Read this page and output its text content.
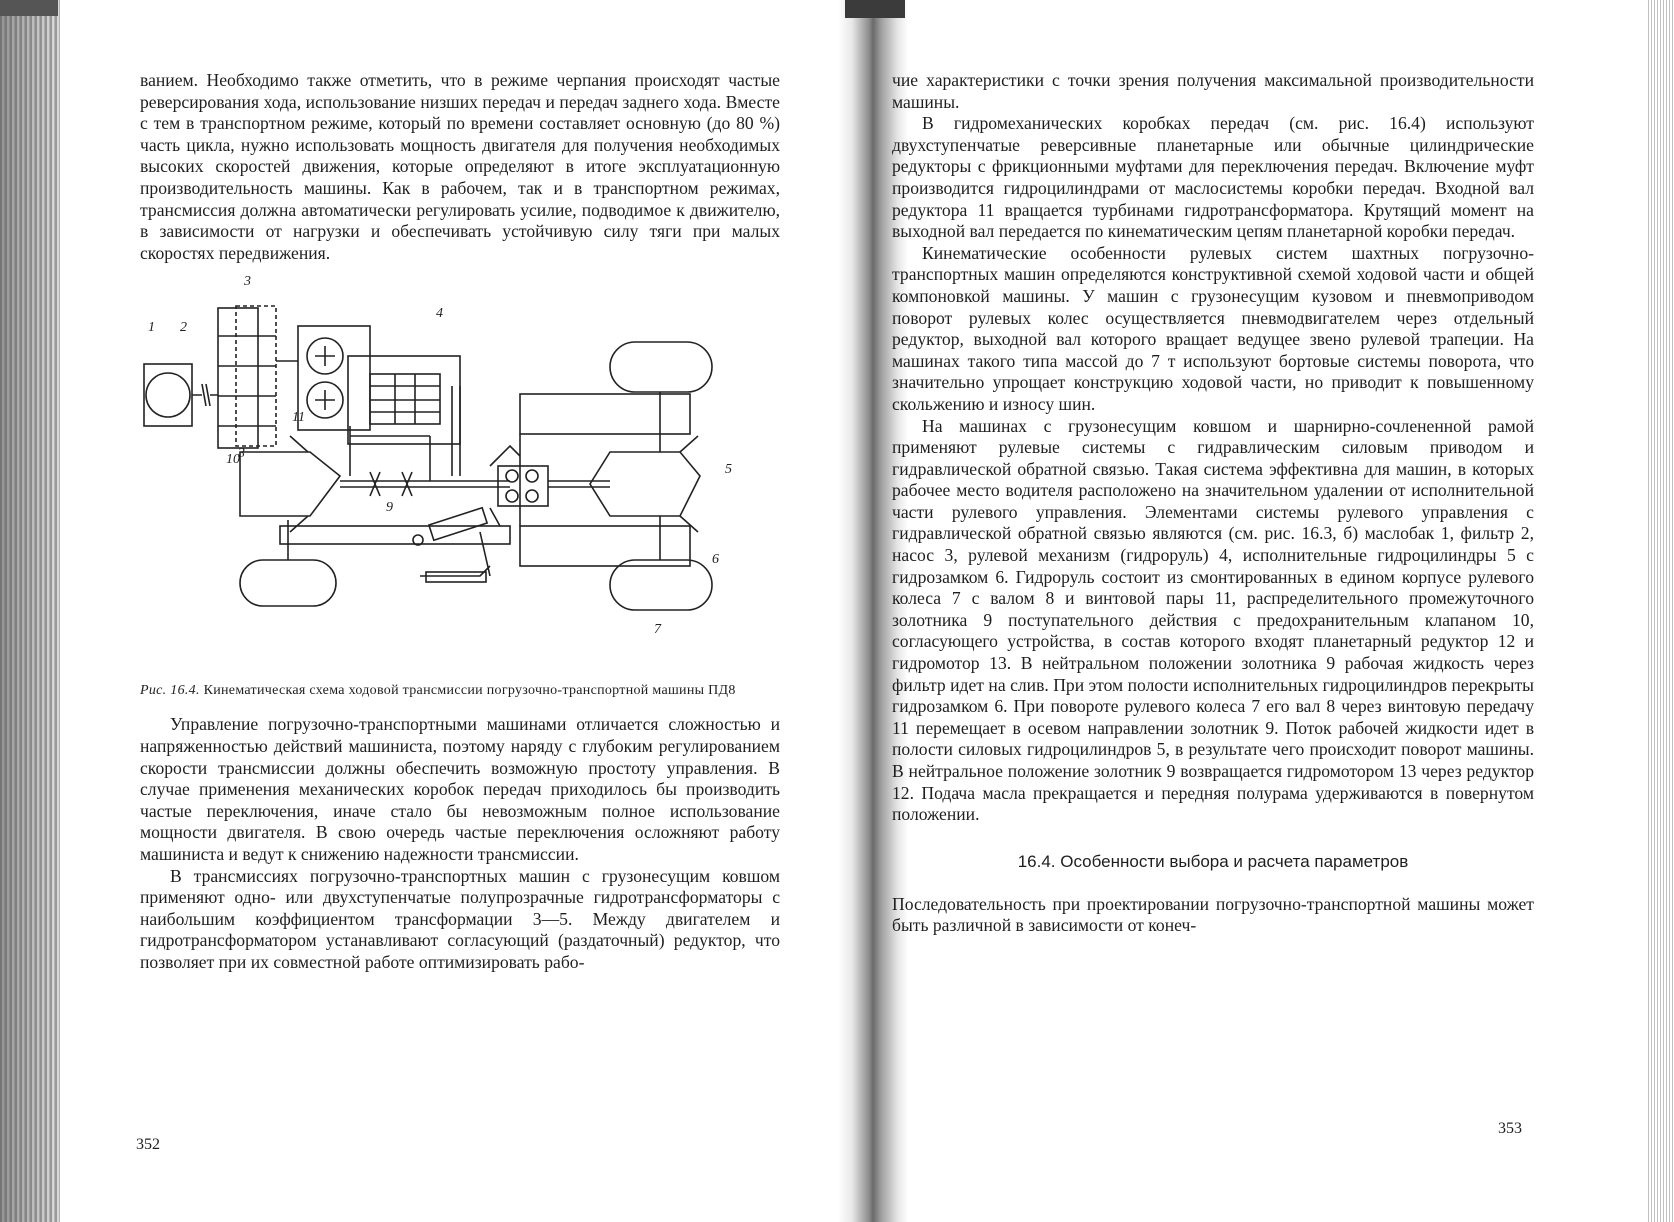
ванием. Необходимо также отметить, что в режиме черпания происходят частые реверсирования хода, использование низших передач и передач заднего хода. Вместе с тем в транспортном режиме, который по времени составляет основную (до 80 %) часть цикла, нужно использовать мощность двигателя для получения необходимых высоких скоростей движения, которые определяют в итоге эксплуатационную производительность машины. Как в рабочем, так и в транспортном режимах, трансмиссия должна автоматически регулировать усилие, подводимое к движителю, в зависимости от нагрузки и обеспечивать устойчивую силу тяги при малых скоростях передвижения.

1 2
3
3
4
5
6
7
9
10
11
Рис. 16.4. Кинематическая схема ходовой трансмиссии погрузочно-транспортной машины ПД8

Управление погрузочно-транспортными машинами отличается сложностью и напряженностью действий машиниста, поэтому наряду с глубоким регулированием скорости трансмиссии должны обеспечить возможную простоту управления. В случае применения механических коробок передач приходилось бы производить частые переключения, иначе стало бы невозможным полное использование мощности двигателя. В свою очередь частые переключения осложняют работу машиниста и ведут к снижению надежности трансмиссии.

В трансмиссиях погрузочно-транспортных машин с грузонесущим ковшом применяют одно- или двухступенчатые полупрозрачные гидротрансформаторы с наибольшим коэффициентом трансформации 3—5. Между двигателем и гидротрансформатором устанавливают согласующий (раздаточный) редуктор, что позволяет при их совместной работе оптимизировать рабо-

352

чие характеристики с точки зрения получения максимальной производительности машины.

В гидромеханических коробках передач (см. рис. 16.4) используют двухступенчатые реверсивные планетарные или обычные цилиндрические редукторы с фрикционными муфтами для переключения передач. Включение муфт производится гидроцилиндрами от маслосистемы коробки передач. Входной вал редуктора 11 вращается турбинами гидротрансформатора. Крутящий момент на выходной вал передается по кинематическим цепям планетарной коробки передач.

Кинематические особенности рулевых систем шахтных погрузочно-транспортных машин определяются конструктивной схемой ходовой части и общей компоновкой машины. У машин с грузонесущим кузовом и пневмоприводом поворот рулевых колес осуществляется пневмодвигателем через отдельный редуктор, выходной вал которого вращает ведущее звено рулевой трапеции. На машинах такого типа массой до 7 т используют бортовые системы поворота, что значительно упрощает конструкцию ходовой части, но приводит к повышенному скольжению и износу шин.

На машинах с грузонесущим ковшом и шарнирно-сочлененной рамой применяют рулевые системы с гидравлическим силовым приводом и гидравлической обратной связью. Такая система эффективна для машин, в которых рабочее место водителя расположено на значительном удалении от исполнительной части рулевого управления. Элементами системы рулевого управления с гидравлической обратной связью являются (см. рис. 16.3, б) маслобак 1, фильтр 2, насос 3, рулевой механизм (гидроруль) 4, исполнительные гидроцилиндры 5 с гидрозамком 6. Гидроруль состоит из смонтированных в едином корпусе рулевого колеса 7 с валом 8 и винтовой пары 11, распределительного промежуточного золотника 9 поступательного действия с предохранительным клапаном 10, согласующего устройства, в состав которого входят планетарный редуктор 12 и гидромотор 13. В нейтральном положении золотника 9 рабочая жидкость через фильтр идет на слив. При этом полости исполнительных гидроцилиндров перекрыты гидрозамком 6. При повороте рулевого колеса 7 его вал 8 через винтовую передачу 11 перемещает в осевом направлении золотник 9. Поток рабочей жидкости идет в полости силовых гидроцилиндров 5, в результате чего происходит поворот машины. В нейтральное положение золотник 9 возвращается гидромотором 13 через редуктор 12. Подача масла прекращается и передняя полурама удерживаются в повернутом положении.

16.4. Особенности выбора и расчета параметров

Последовательность при проектировании погрузочно-транспортной машины может быть различной в зависимости от конеч-

353
